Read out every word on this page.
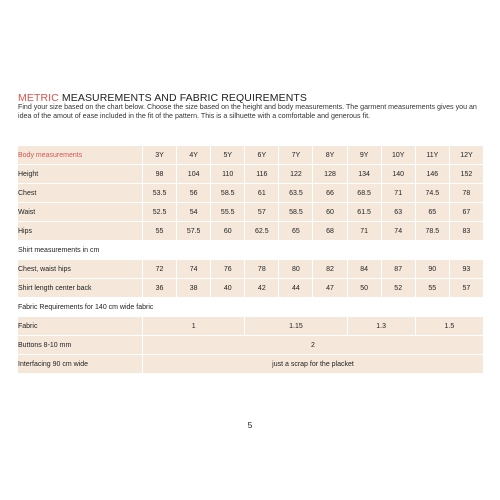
METRIC MEASUREMENTS AND FABRIC REQUIREMENTS
Find your size based on the chart below. Choose the size based on the height and body measurements. The garment measurements gives you an idea of the amout of ease included in the fit of the pattern. This is a silhuette with a comfortable and generous fit.
Body measurements	3Y	4Y	5Y	6Y	7Y	8Y	9Y	10Y	11Y	12Y
Height	98	104	110	116	122	128	134	140	146	152
Chest	53.5	56	58.5	61	63.5	66	68.5	71	74.5	78
Waist	52.5	54	55.5	57	58.5	60	61.5	63	65	67
Hips	55	57.5	60	62.5	65	68	71	74	78.5	83
Shirt measurements in cm										
Chest, waist hips	72	74	76	78	80	82	84	87	90	93
Shirt length center back	36	38	40	42	44	47	50	52	55	57
Fabric Requirements for 140 cm wide fabric										
Fabric	1			1.15			1.3		1.5	
Buttons 8-10 mm	2									
Interfacing 90 cm wide	just a scrap for the placket									
5
